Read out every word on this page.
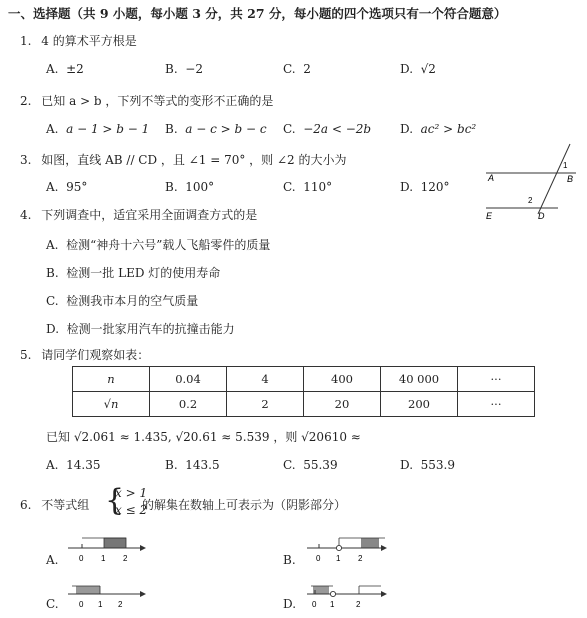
一、选择题（共 9 小题，每小题 3 分，共 27 分，每小题的四个选项只有一个符合题意）
1. 4 的算术平方根是
A. ±2	B. −2	C. 2	D. √2
2. 已知 a > b ，下列不等式的变形不正确的是
A. a − 1 > b − 1 B. a − c > b − c C. −2a < −2b D. ac² > bc²
3. 如图，直线 AB // CD ，且 ∠1 = 70° ，则 ∠2 的大小为
A. 95°	B. 100°	C. 110°	D. 120°
A	B
E	D
1
2
4. 下列调查中，适宜采用全面调查方式的是
A. 检测“神舟十六号”载人飞船零件的质量
B. 检测一批 LED 灯的使用寿命
C. 检测我市本月的空气质量
D. 检测一批家用汽车的抗撞击能力
5. 请同学们观察如表：
n	0.04	4	400	40 000	···
√n	0.2	2	20	200	···
已知 √2.061 ≈ 1.435, √20.61 ≈ 5.539 ，则 √20610 ≈
A. 14.35	B. 143.5	C. 55.39	D. 553.9
6. 不等式组 {
x > 1
x ≤ 2
的解集在数轴上可表示为（阴影部分）
A.	0 1 2	B.	0 1 2
C.	0 1 2	D. 0 1	2
